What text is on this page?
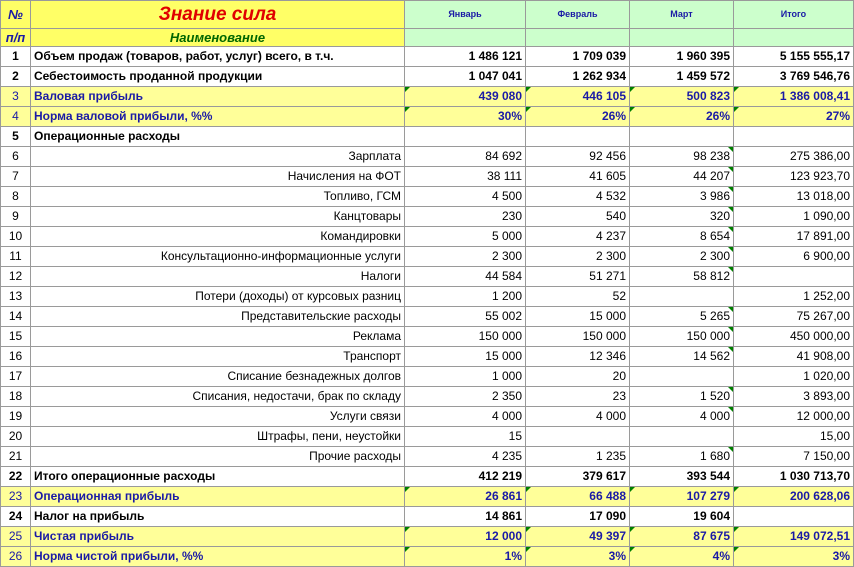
№	Знание сила	Январь	Февраль	Март	Итого
п/п	Наименование				
1	Объем продаж (товаров, работ, услуг) всего, в т.ч.	1 486 121	1 709 039	1 960 395	5 155 555,17
2	Себестоимость проданной продукции	1 047 041	1 262 934	1 459 572	3 769 546,76
3	Валовая прибыль	439 080	446 105	500 823	1 386 008,41
4	Норма валовой прибыли, %%	30%	26%	26%	27%
5	Операционные расходы				
6	Зарплата	84 692	92 456	98 238	275 386,00
7	Начисления на ФОТ	38 111	41 605	44 207	123 923,70
8	Топливо, ГСМ	4 500	4 532	3 986	13 018,00
9	Канцтовары	230	540	320	1 090,00
10	Командировки	5 000	4 237	8 654	17 891,00
11	Консультационно-информационные услуги	2 300	2 300	2 300	6 900,00
12	Налоги	44 584	51 271	58 812	
13	Потери (доходы) от курсовых разниц	1 200	52		1 252,00
14	Представительские расходы	55 002	15 000	5 265	75 267,00
15	Реклама	150 000	150 000	150 000	450 000,00
16	Транспорт	15 000	12 346	14 562	41 908,00
17	Списание безнадежных долгов	1 000	20		1 020,00
18	Списания, недостачи, брак по складу	2 350	23	1 520	3 893,00
19	Услуги связи	4 000	4 000	4 000	12 000,00
20	Штрафы, пени, неустойки	15			15,00
21	Прочие расходы	4 235	1 235	1 680	7 150,00
22	Итого операционные расходы	412 219	379 617	393 544	1 030 713,70
23	Операционная прибыль	26 861	66 488	107 279	200 628,06
24	Налог на прибыль	14 861	17 090	19 604	
25	Чистая прибыль	12 000	49 397	87 675	149 072,51
26	Норма чистой прибыли, %%	1%	3%	4%	3%
